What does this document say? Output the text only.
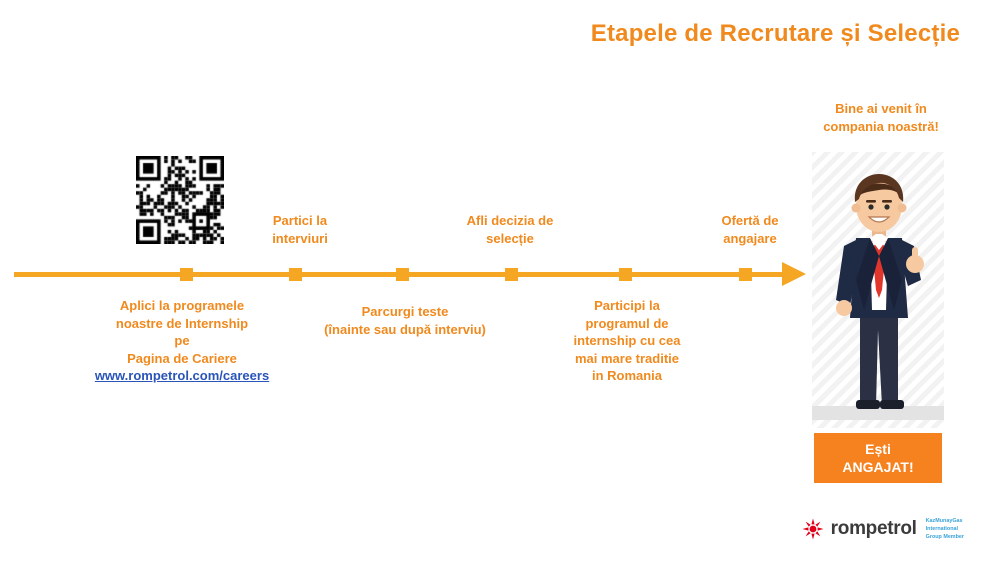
Etapele de Recrutare și Selecție
Aplici la programele
noastre de Internship
pe
Pagina de Cariere
www.rompetrol.com/careers
Partici la
interviuri
Parcurgi teste
(înainte sau după interviu)
Afli decizia de
selecție
Participi la
programul de
internship cu cea
mai mare traditie
in Romania
Ofertă de
angajare
Bine ai venit în
compania noastră!
Ești
ANGAJAT!
rompetrol KazMunayGas
International
Group Member
